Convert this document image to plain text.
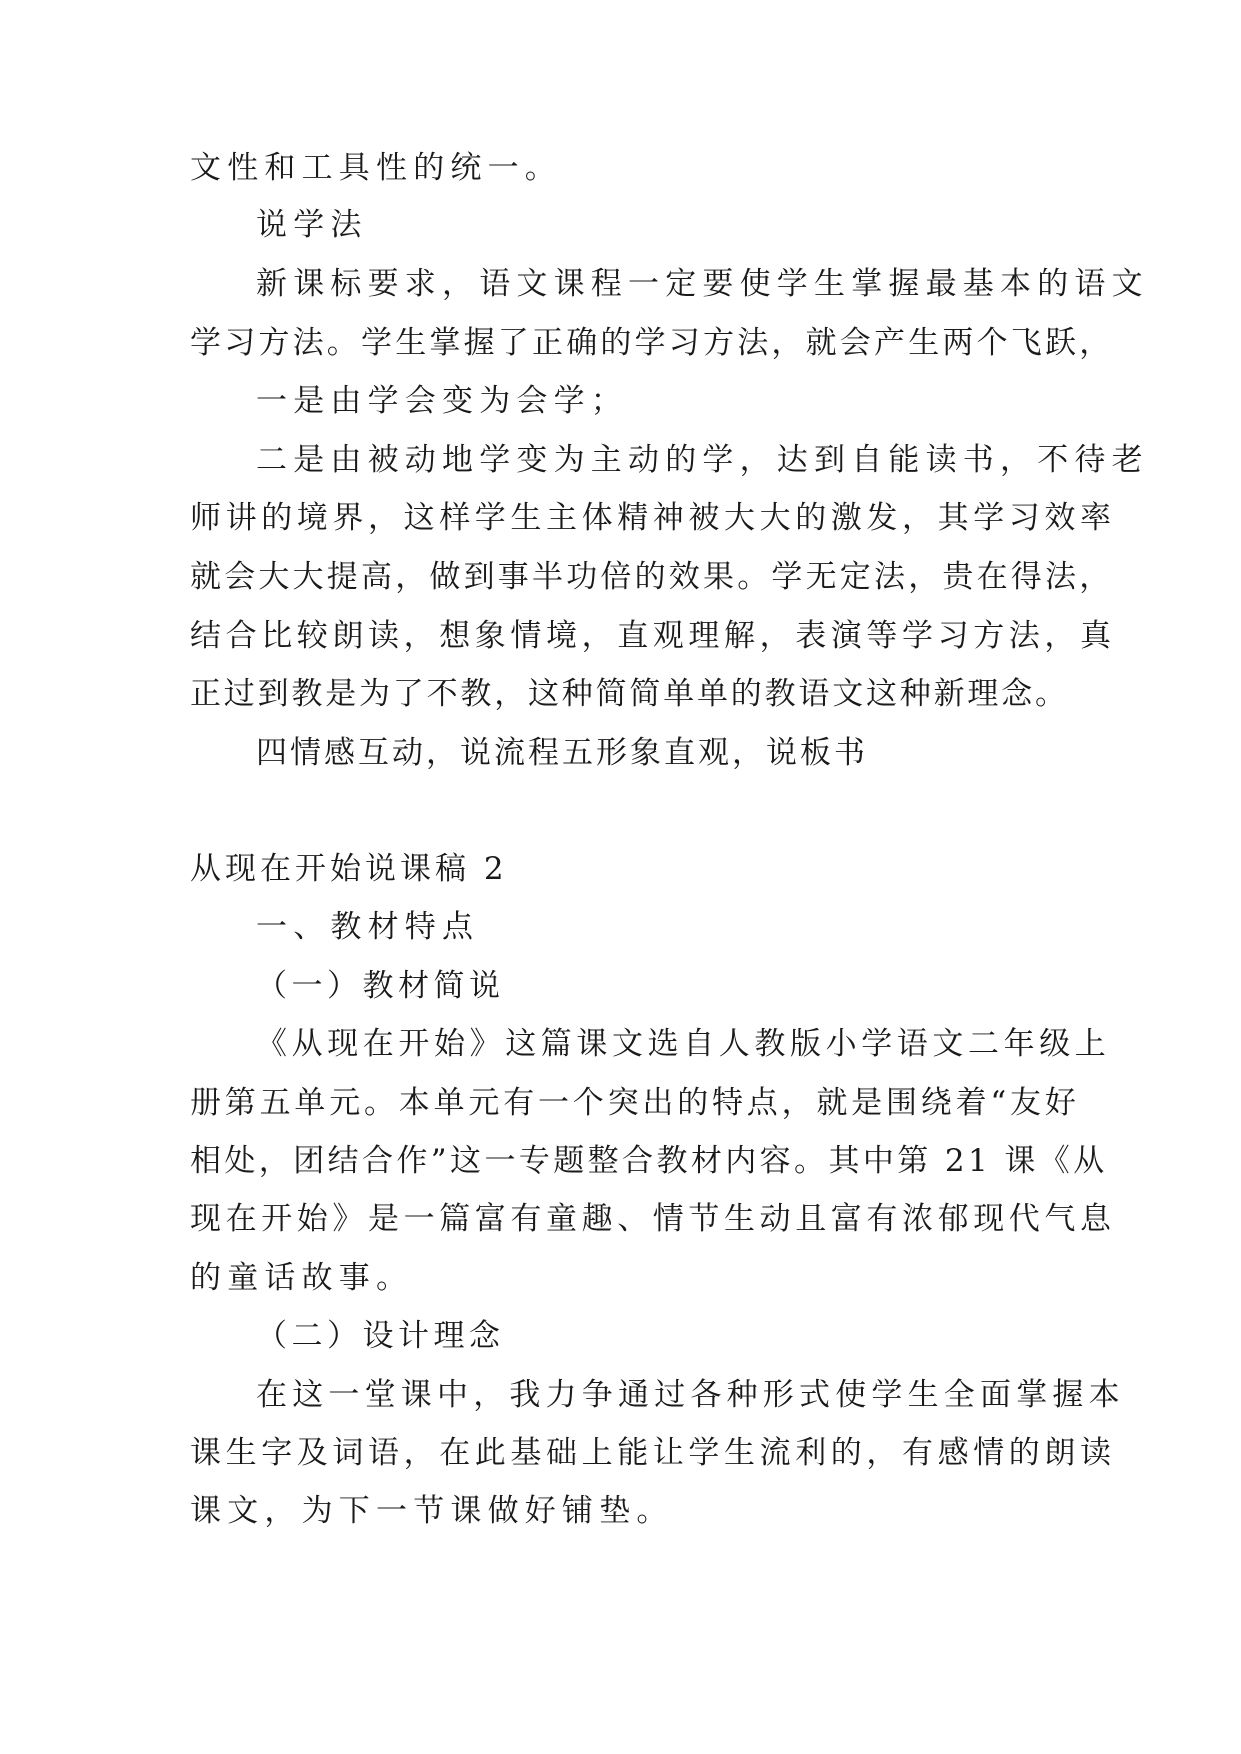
文性和工具性的统一。

说学法

新课标要求，语文课程一定要使学生掌握最基本的语文

学习方法。学生掌握了正确的学习方法，就会产生两个飞跃，

一是由学会变为会学；

二是由被动地学变为主动的学，达到自能读书，不待老

师讲的境界，这样学生主体精神被大大的激发，其学习效率

就会大大提高，做到事半功倍的效果。学无定法，贵在得法，

结合比较朗读，想象情境，直观理解，表演等学习方法，真

正过到教是为了不教，这种简简单单的教语文这种新理念。

四情感互动，说流程五形象直观，说板书

从现在开始说课稿 2

一、教材特点

（一）教材简说

《从现在开始》这篇课文选自人教版小学语文二年级上

册第五单元。本单元有一个突出的特点，就是围绕着“友好

相处，团结合作”这一专题整合教材内容。其中第 21 课《从

现在开始》是一篇富有童趣、情节生动且富有浓郁现代气息

的童话故事。

（二）设计理念

在这一堂课中，我力争通过各种形式使学生全面掌握本

课生字及词语，在此基础上能让学生流利的，有感情的朗读

课文，为下一节课做好铺垫。
